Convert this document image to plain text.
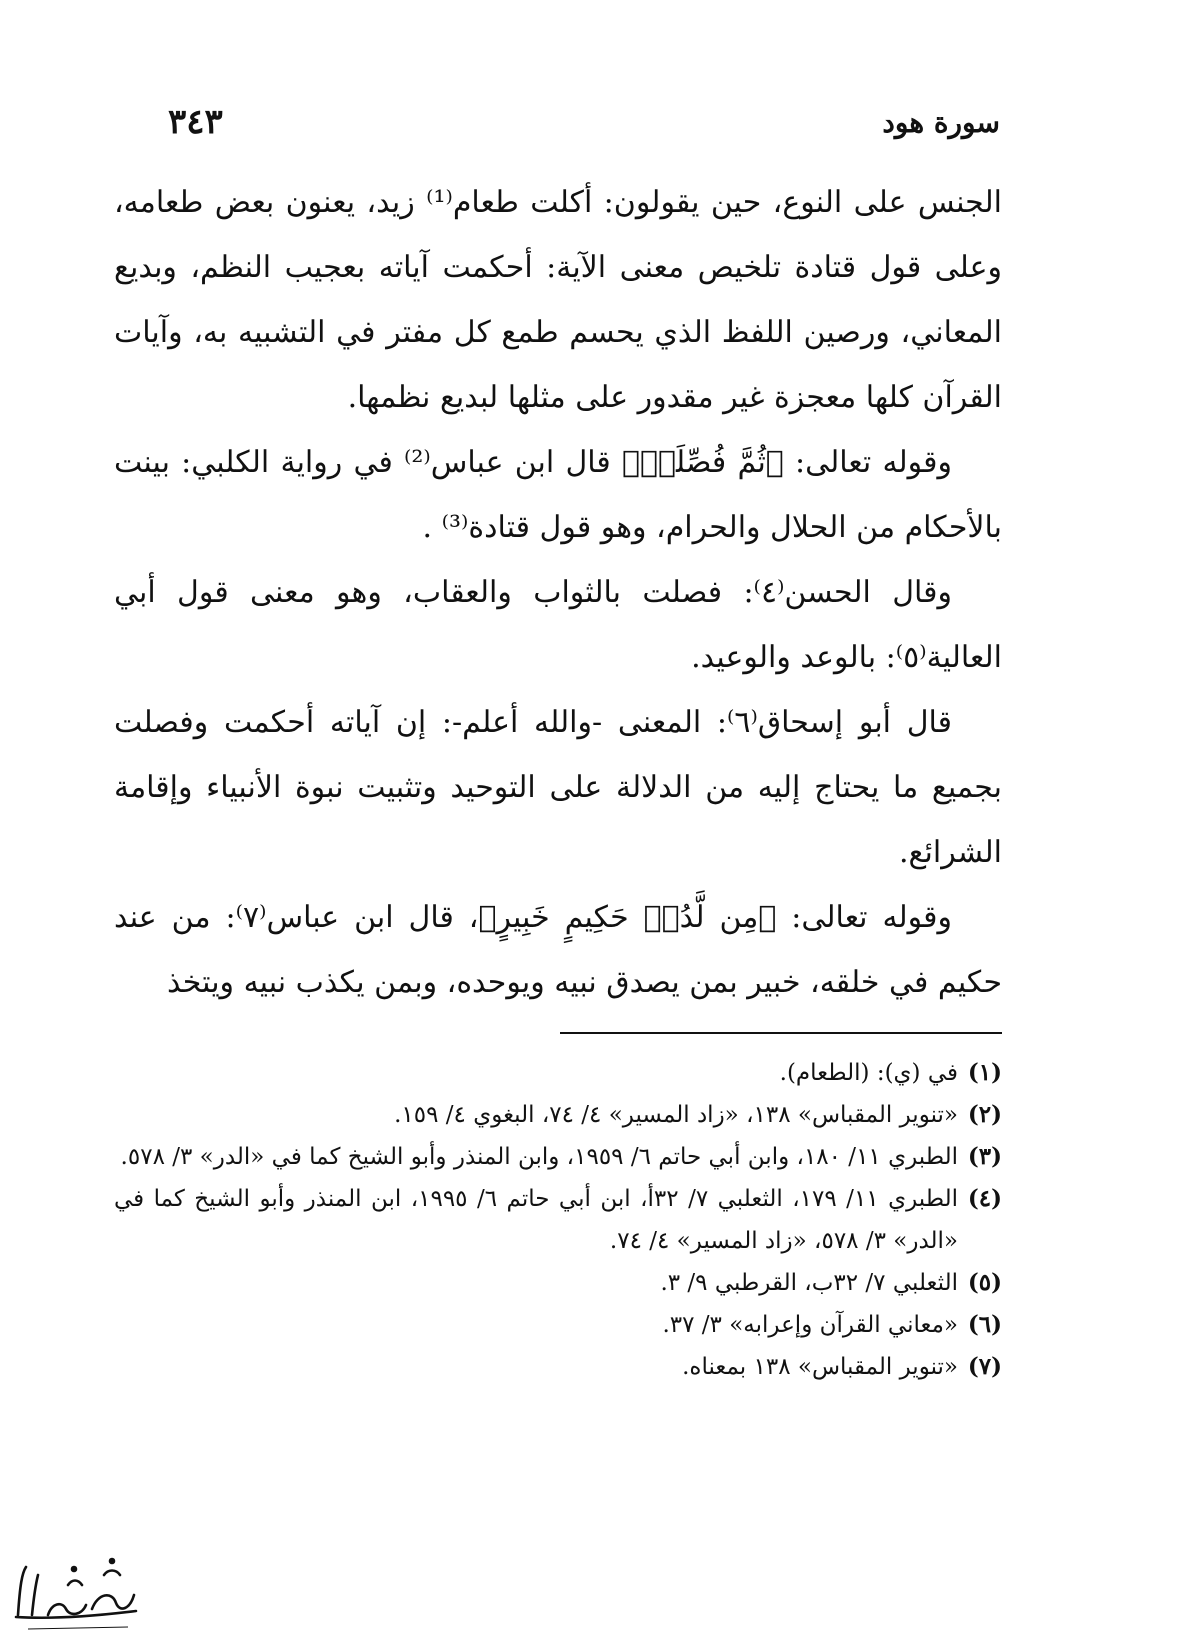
سورة هود
٣٤٣

الجنس على النوع، حين يقولون: أكلت طعام⁽¹⁾ زيد، يعنون بعض طعامه، وعلى قول قتادة تلخيص معنى الآية: أحكمت آياته بعجيب النظم، وبديع المعاني، ورصين اللفظ الذي يحسم طمع كل مفتر في التشبيه به، وآيات القرآن كلها معجزة غير مقدور على مثلها لبديع نظمها.

وقوله تعالى: ﴿ثُمَّ فُصِّلَتۡ﴾ قال ابن عباس⁽²⁾ في رواية الكلبي: بينت بالأحكام من الحلال والحرام، وهو قول قتادة⁽³⁾ .

وقال الحسن⁽٤⁾: فصلت بالثواب والعقاب، وهو معنى قول أبي العالية⁽٥⁾: بالوعد والوعيد.

قال أبو إسحاق⁽٦⁾: المعنى -والله أعلم-: إن آياته أحكمت وفصلت بجميع ما يحتاج إليه من الدلالة على التوحيد وتثبيت نبوة الأنبياء وإقامة الشرائع.

وقوله تعالى: ﴿مِن لَّدُنۡ حَكِيمٍ خَبِيرٍ﴾، قال ابن عباس⁽٧⁾: من عند حكيم في خلقه، خبير بمن يصدق نبيه ويوحده، وبمن يكذب نبيه ويتخذ

(١)
في (ي): (الطعام).

(٢)
«تنوير المقباس» ١٣٨، «زاد المسير» ٤/ ٧٤، البغوي ٤/ ١٥٩.

(٣)
الطبري ١١/ ١٨٠، وابن أبي حاتم ٦/ ١٩٥٩، وابن المنذر وأبو الشيخ كما في «الدر» ٣/ ٥٧٨.

(٤)
الطبري ١١/ ١٧٩، الثعلبي ٧/ ٣٢أ، ابن أبي حاتم ٦/ ١٩٩٥، ابن المنذر وأبو الشيخ كما في «الدر» ٣/ ٥٧٨، «زاد المسير» ٤/ ٧٤.

(٥)
الثعلبي ٧/ ٣٢ب، القرطبي ٩/ ٣.

(٦)
«معاني القرآن وإعرابه» ٣/ ٣٧.

(٧)
«تنوير المقباس» ١٣٨ بمعناه.
